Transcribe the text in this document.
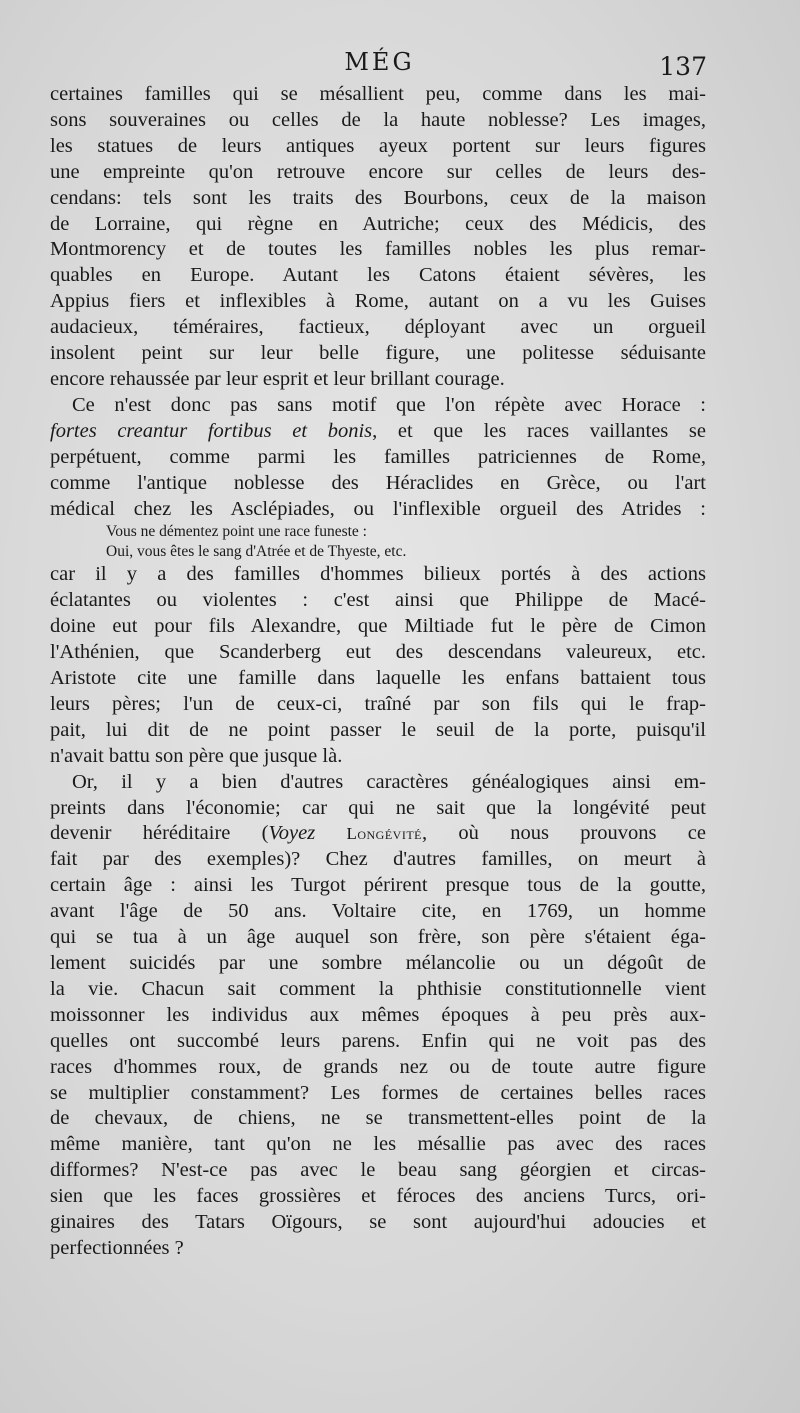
MÉG	137
certaines familles qui se mésallient peu, comme dans les mai-
sons souveraines ou celles de la haute noblesse? Les images,
les statues de leurs antiques ayeux portent sur leurs figures
une empreinte qu'on retrouve encore sur celles de leurs des-
cendans: tels sont les traits des Bourbons, ceux de la maison
de Lorraine, qui règne en Autriche; ceux des Médicis, des
Montmorency et de toutes les familles nobles les plus remar-
quables en Europe. Autant les Catons étaient sévères, les
Appius fiers et inflexibles à Rome, autant on a vu les Guises
audacieux, téméraires, factieux, déployant avec un orgueil
insolent peint sur leur belle figure, une politesse séduisante
encore rehaussée par leur esprit et leur brillant courage.
Ce n'est donc pas sans motif que l'on répète avec Horace :
fortes creantur fortibus et bonis, et que les races vaillantes se
perpétuent, comme parmi les familles patriciennes de Rome,
comme l'antique noblesse des Héraclides en Grèce, ou l'art
médical chez les Asclépiades, ou l'inflexible orgueil des Atrides :
Vous ne démentez point une race funeste :
Oui, vous êtes le sang d'Atrée et de Thyeste, etc.
car il y a des familles d'hommes bilieux portés à des actions
éclatantes ou violentes : c'est ainsi que Philippe de Macé-
doine eut pour fils Alexandre, que Miltiade fut le père de Cimon
l'Athénien, que Scanderberg eut des descendans valeureux, etc.
Aristote cite une famille dans laquelle les enfans battaient tous
leurs pères; l'un de ceux-ci, traîné par son fils qui le frap-
pait, lui dit de ne point passer le seuil de la porte, puisqu'il
n'avait battu son père que jusque là.
Or, il y a bien d'autres caractères généalogiques ainsi em-
preints dans l'économie; car qui ne sait que la longévité peut
devenir héréditaire (Voyez Longévité, où nous prouvons ce
fait par des exemples)? Chez d'autres familles, on meurt à
certain âge : ainsi les Turgot périrent presque tous de la goutte,
avant l'âge de 50 ans. Voltaire cite, en 1769, un homme
qui se tua à un âge auquel son frère, son père s'étaient éga-
lement suicidés par une sombre mélancolie ou un dégoût de
la vie. Chacun sait comment la phthisie constitutionnelle vient
moissonner les individus aux mêmes époques à peu près aux-
quelles ont succombé leurs parens. Enfin qui ne voit pas des
races d'hommes roux, de grands nez ou de toute autre figure
se multiplier constamment? Les formes de certaines belles races
de chevaux, de chiens, ne se transmettent-elles point de la
même manière, tant qu'on ne les mésallie pas avec des races
difformes? N'est-ce pas avec le beau sang géorgien et circas-
sien que les faces grossières et féroces des anciens Turcs, ori-
ginaires des Tatars Oïgours, se sont aujourd'hui adoucies et
perfectionnées ?
